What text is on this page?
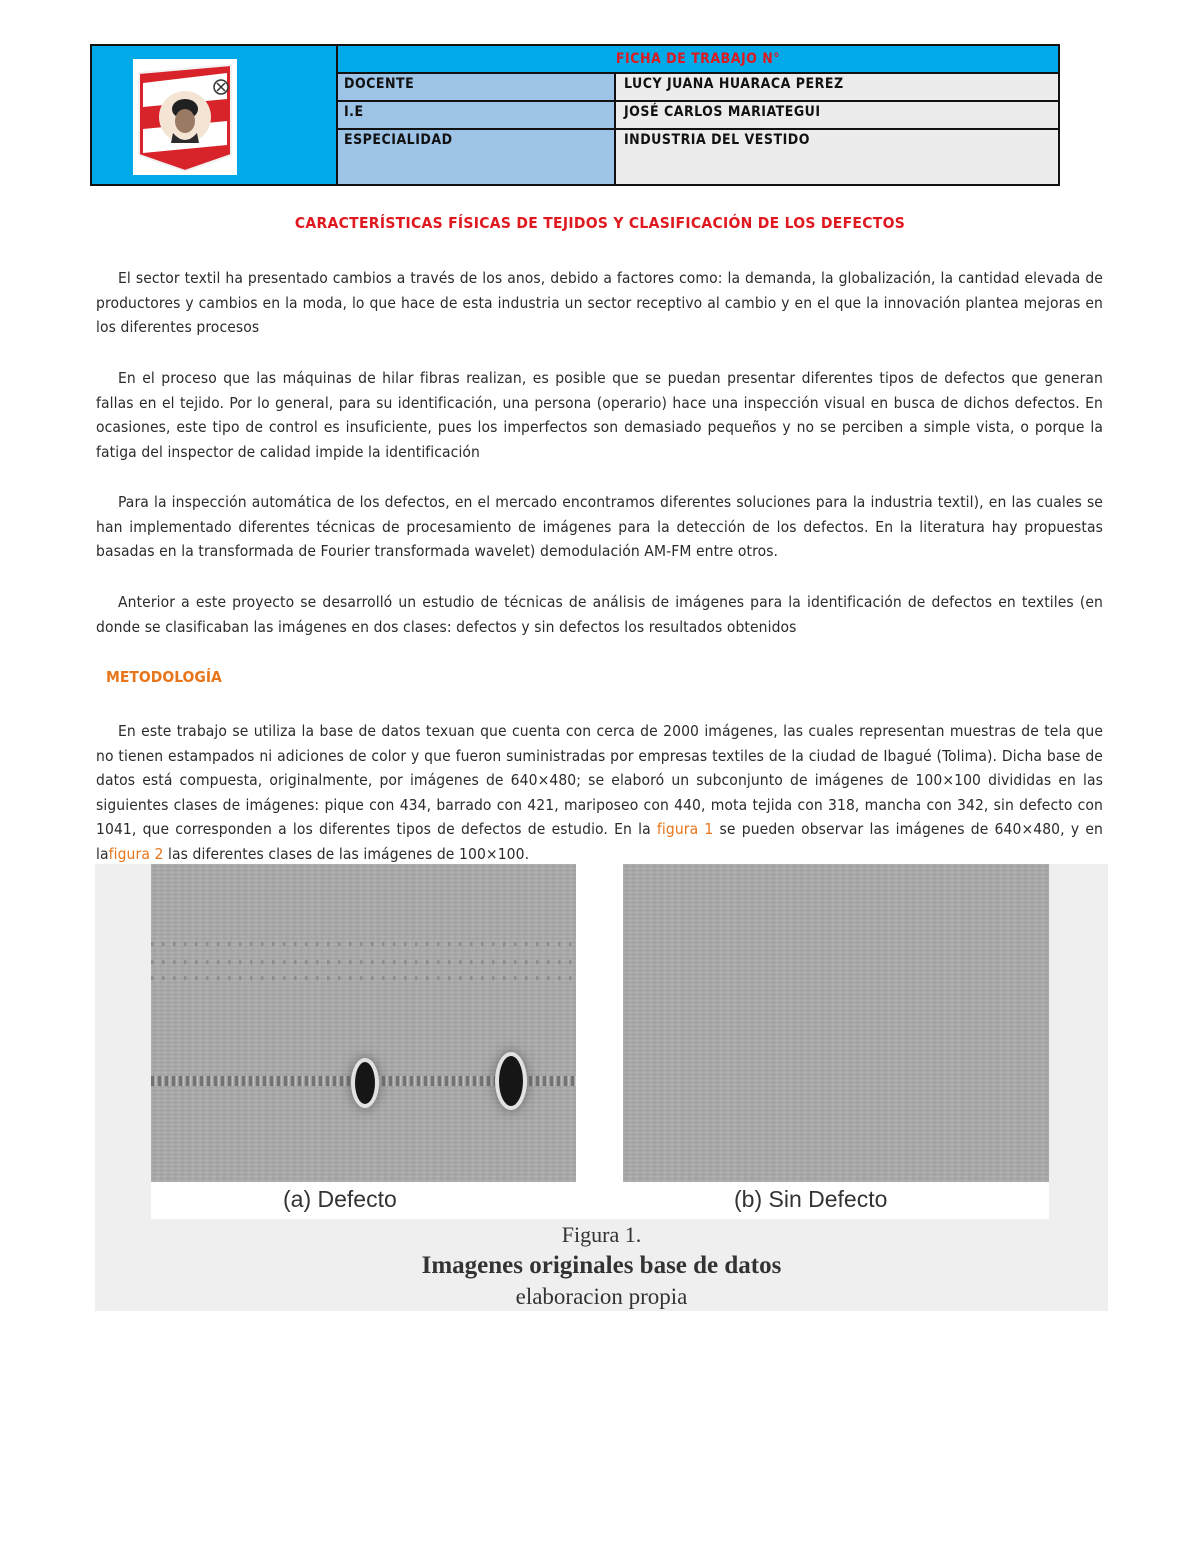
FICHA DE TRABAJO N°
DOCENTE	LUCY JUANA HUARACA PEREZ
I.E	JOSÉ CARLOS MARIATEGUI
ESPECIALIDAD	INDUSTRIA DEL VESTIDO
CARACTERÍSTICAS FÍSICAS DE TEJIDOS Y CLASIFICACIÓN DE LOS DEFECTOS
El sector textil ha presentado cambios a través de los anos, debido a factores como: la demanda, la globalización, la cantidad elevada de productores y cambios en la moda, lo que hace de esta industria un sector receptivo al cambio y en el que la innovación plantea mejoras en los diferentes procesos
En el proceso que las máquinas de hilar fibras realizan, es posible que se puedan presentar diferentes tipos de defectos que generan fallas en el tejido. Por lo general, para su identificación, una persona (operario) hace una inspección visual en busca de dichos defectos. En ocasiones, este tipo de control es insuficiente, pues los imperfectos son demasiado pequeños y no se perciben a simple vista, o porque la fatiga del inspector de calidad impide la identificación
Para la inspección automática de los defectos, en el mercado encontramos diferentes soluciones para la industria textil), en las cuales se han implementado diferentes técnicas de procesamiento de imágenes para la detección de los defectos. En la literatura hay propuestas basadas en la transformada de Fourier transformada wavelet) demodulación AM-FM entre otros.
Anterior a este proyecto se desarrolló un estudio de técnicas de análisis de imágenes para la identificación de defectos en textiles (en donde se clasificaban las imágenes en dos clases: defectos y sin defectos los resultados obtenidos
METODOLOGÍA
En este trabajo se utiliza la base de datos texuan que cuenta con cerca de 2000 imágenes, las cuales representan muestras de tela que no tienen estampados ni adiciones de color y que fueron suministradas por empresas textiles de la ciudad de Ibagué (Tolima). Dicha base de datos está compuesta, originalmente, por imágenes de 640×480; se elaboró un subconjunto de imágenes de 100×100 divididas en las siguientes clases de imágenes: pique con 434, barrado con 421, mariposeo con 440, mota tejida con 318, mancha con 342, sin defecto con 1041, que corresponden a los diferentes tipos de defectos de estudio. En la figura 1 se pueden observar las imágenes de 640×480, y en lafigura 2 las diferentes clases de las imágenes de 100×100.
(a) Defecto	(b) Sin Defecto
Figura 1.
Imagenes originales base de datos
elaboracion propia
